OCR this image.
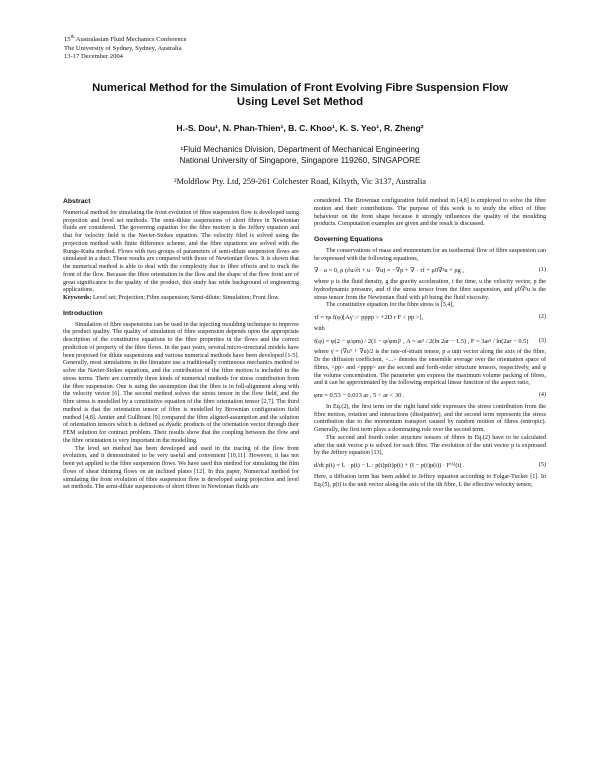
15th Australasian Fluid Mechanics Conference
The University of Sydney, Sydney, Australia
13-17 December 2004
Numerical Method for the Simulation of Front Evolving Fibre Suspension Flow
Using Level Set Method
H.-S. Dou¹, N. Phan-Thien¹, B. C. Khoo¹, K. S. Yeo¹, R. Zheng²
¹Fluid Mechanics Division, Department of Mechanical Engineering
National University of Singapore, Singapore 119260, SINGAPORE
²Moldflow Pty. Ltd, 259-261 Colchester Road, Kilsyth, Vic 3137, Australia
Abstract

Numerical method for simulating the front evolution of fibre suspension flow is developed using projection and level set methods. The semi-dilute suspensions of short fibres in Newtonian fluids are considered. The governing equation for the fibre motion is the Jeffery equation and that for velocity field is the Navier-Stokes equation. The velocity filed is solved using the projection method with finite difference scheme, and the fibre equations are solved with the Runge-Kutta method. Flows with two groups of parameters of semi-dilute suspension flows are simulated in a duct. These results are compared with those of Newtonian flows. It is shown that the numerical method is able to deal with the complexity due to fibre effects and to track the front of the flow. Because the fibre orientation in the flow and the shape of the flow front are of great significance to the quality of the product, this study has wide background of engineering applications.

Keywords: Level set; Projection; Fibre suspension; Semi-dilute; Simulation; Front flow.

Introduction

Simulation of fibre suspensions can be used in the injecting moulding technique to improve the product quality. The quality of simulation of fibre suspension depends upon the appropriate description of the constitutive equations to the fibre properties in the flows and the correct prediction of property of the fibre flows. In the past years, several micro-structural models have been proposed for dilute suspensions and various numerical methods have been developed [1-5]. Generally, most simulations in the literature use a traditionally continuous mechanics method to solve the Navier-Stokes equations, and the contribution of the fibre motion is included in the stress terms. There are currently three kinds of numerical methods for stress contribution from the fibre suspension. One is using the assumption that the fibre is in full-alignment along with the velocity vector [6]. The second method solves the stress tensor in the flow field, and the fibre stress is modelled by a constitutive equation of the fibre orientation tensor [2,7]. The third method is that the orientation tensor of fibre is modelled by Brownian configuration field method [4,8]. Amiter and Gullbrant [9] compared the fibre aligned-assumption and the solution of orientation tensors which is defined as dyadic products of the orientation vector through their FEM solution for contract problem. Their results show that the coupling between the flow and the fibre orientation is very important in the modelling.

The level set method has been developed and used in the tracing of the flow front evolution, and it demonstrated to be very useful and convenient [10,11]. However, it has not been yet applied to the fibre suspension flows. We have used this method for simulating the film flows of shear thinning flows on an inclined plates [12]. In this paper, Numerical method for simulating the front evolution of fibre suspension flow is developed using projection and level set methods. The semi-dilute suspensions of short fibres in Newtonian fluids are

considered. The Brownian configuration field method in [4,8] is employed to solve the fibre motion and their contributions. The purpose of this work is to study the effect of fibre behaviour on the front shape because it strongly influences the quality of the moulding products. Computation examples are given and the result is discussed.

Governing Equations

The conservations of mass and momentum for an isothermal flow of fibre suspension can be expressed with the following equations,

∇ · u = 0, ρ (∂u/∂t + u · ∇u) = −∇p + ∇ · τf + μ0∇²u + ρg ,	(1)

where ρ is the fluid density, g the gravity acceleration, t the time, u the velocity vector, p the hydrodynamic pressure, and τf the stress tensor from the fibre suspension, and μ0∇²u is the stress tensor from the Newtonian fluid with μ0 being the fluid viscosity.

The constitutive equation for the fibre stress is [3,4],

τf = ηs f(φ)[Aγ̇ :< pppp > +2D r F < pp >],	(2)

with

f(φ) = φ(2 − φ/φm) / 2(1 − φ/φm)² , A = ar² / 2(ln 2ar − 1.5) , F = 3ar² / ln(2ar − 0.5) (3)

where γ̇ = (∇uᵀ + ∇u)/2 is the rate-of-strain tensor, p a unit vector along the axis of the fibre, Dr the diffusion coefficient, <...> denotes the ensemble average over the orientation space of fibres, <pp> and <pppp> are the second and forth-order structure tensors, respectively, and φ the volume concentration. The parameter φm express the maximum volume packing of fibres, and it can be approximated by the following empirical linear function of the aspect ratio,

φm = 0.53 − 0.013 ar , 5 < ar < 30 .	(4)

In Eq.(2), the first term on the right hand side expresses the stress contribution from the fibre motion, rotation and interactions (dissipative), and the second term represents the stress contribution due to the momentum transport caused by random motion of fibres (entropic). Generally, the first term plays a dominating role over the second term.

The second and fourth order structure tensors of fibres in Eq.(2) have to be calculated after the unit vector p is solved for each fibre. The evolution of the unit vector p is expressed by the Jeffery equation [13],

d/dt p(t) = L · p(t) − L : p(t)p(t)p(t) + (I − p(t)p(t)) · F⁽ᵇ⁾(t) .	(5)

Here, a diffusion term has been added to Jeffery equation according to Folgar-Tucker [1]. In Eq.(5), p(t) is the unit vector along the axis of the ith fibre, L the effective velocity tensor,
